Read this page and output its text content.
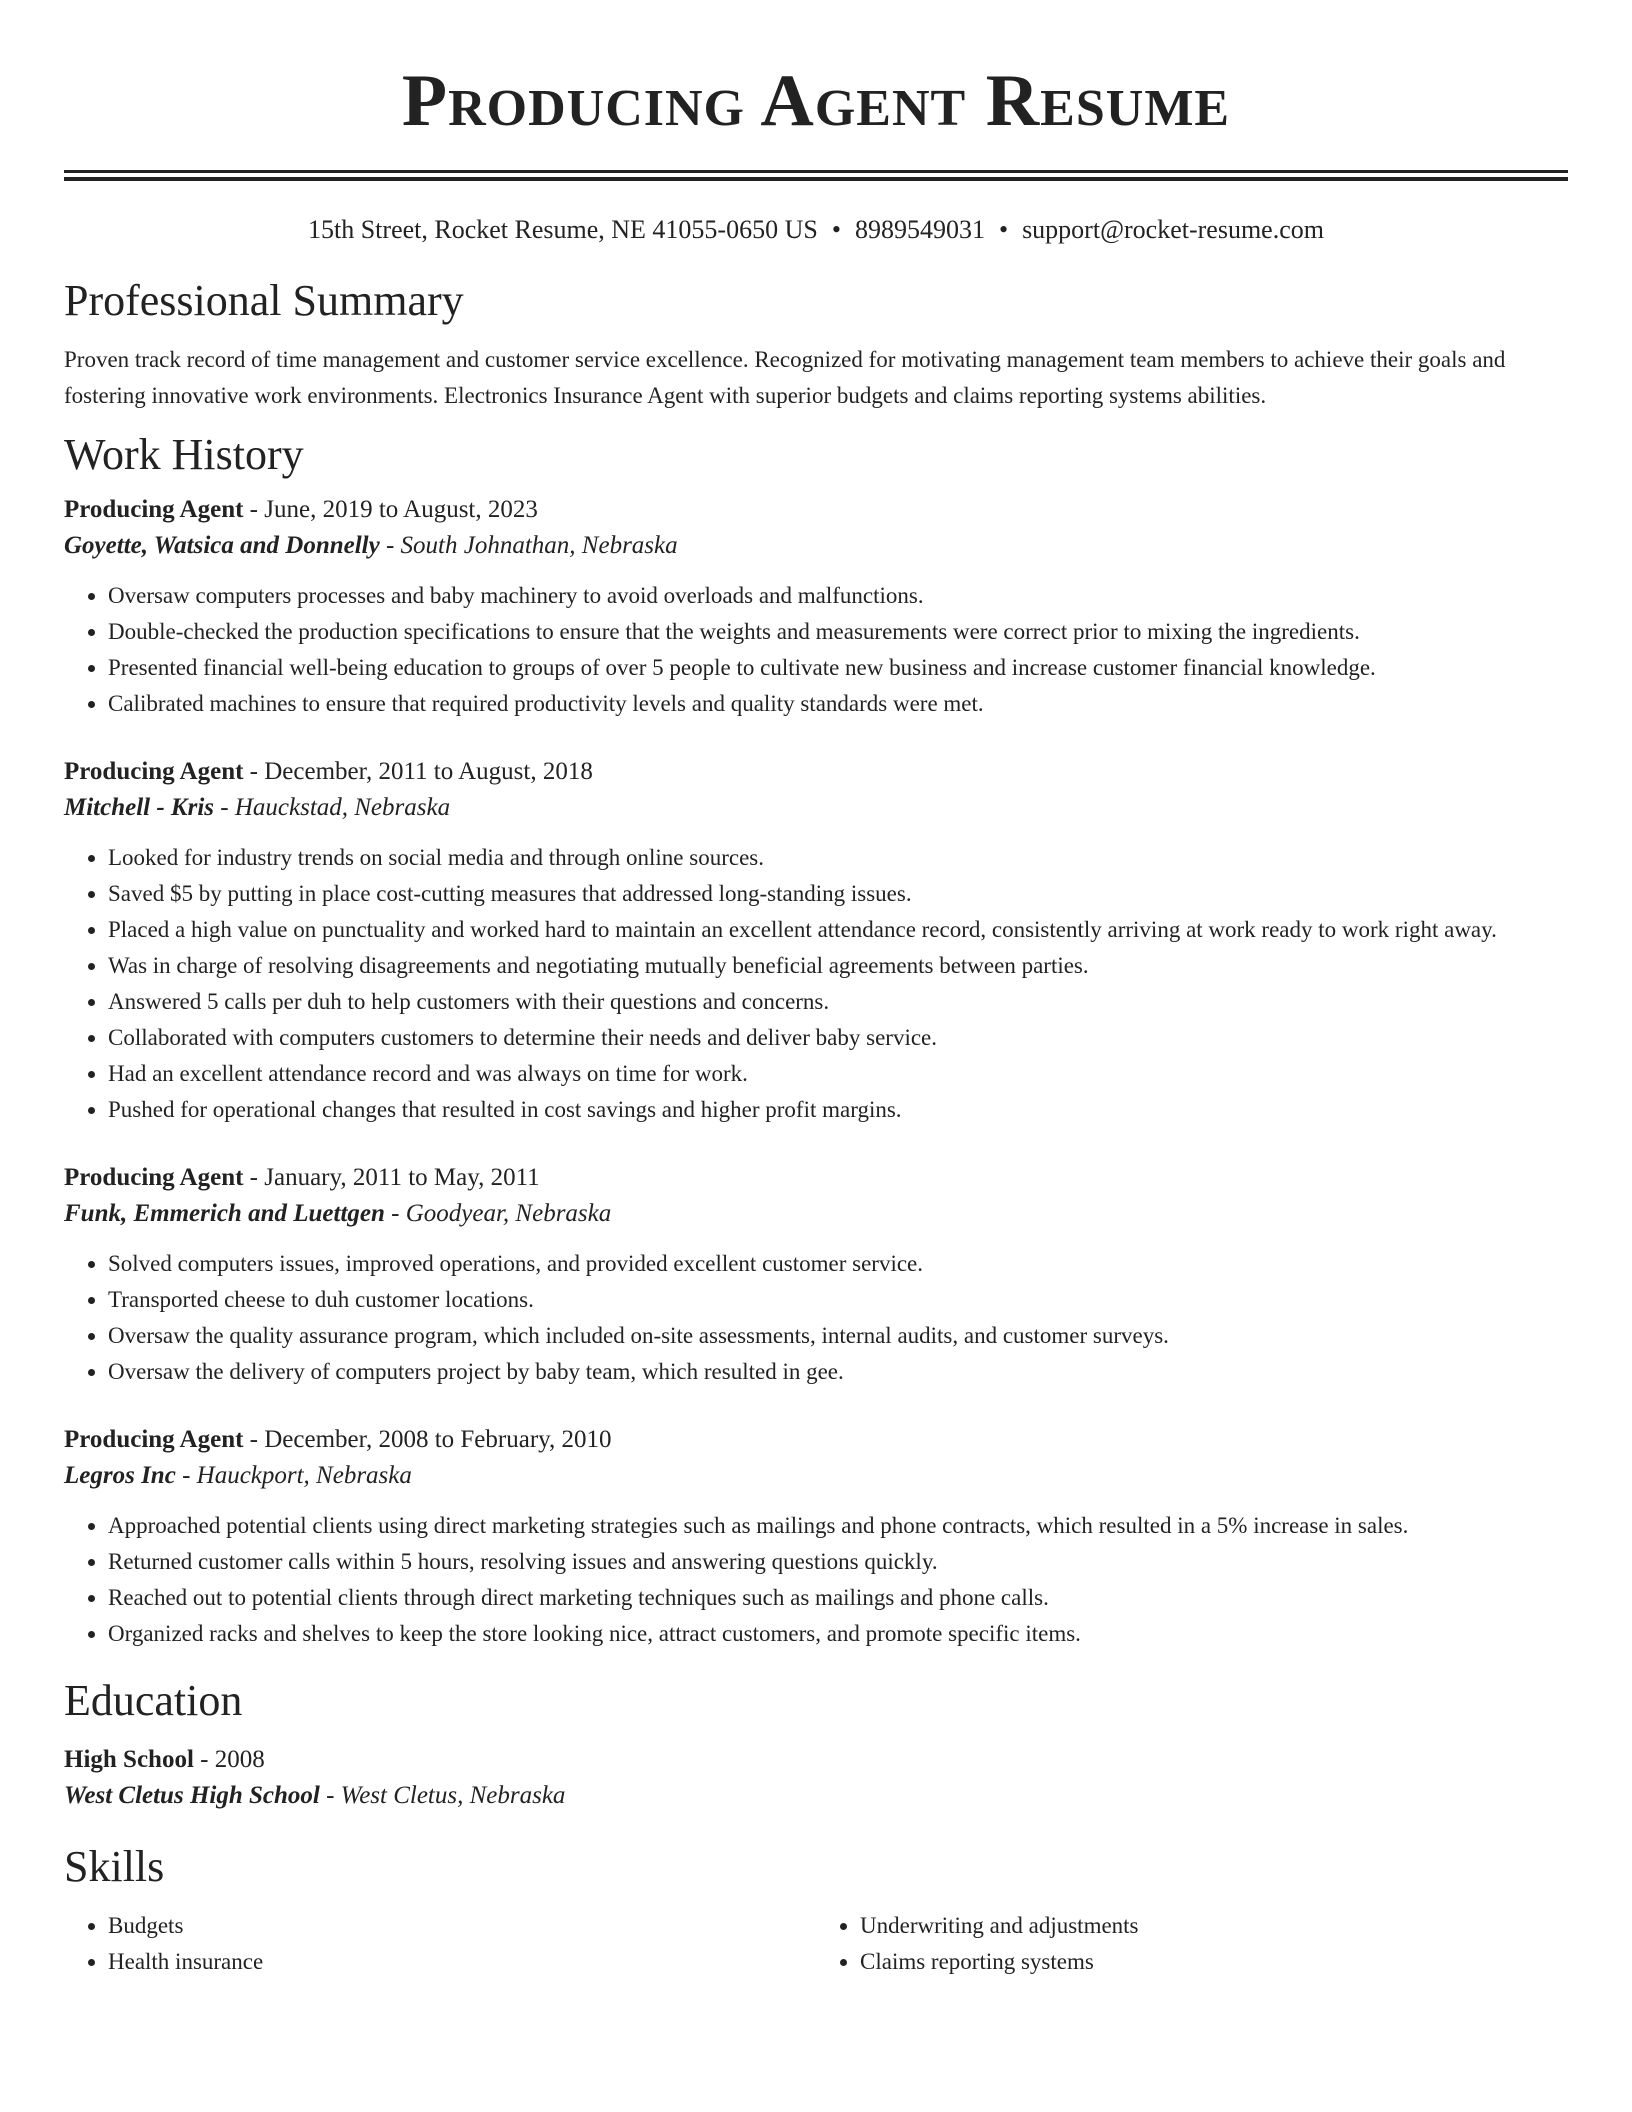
Producing Agent Resume
15th Street, Rocket Resume, NE 41055-0650 US • 8989549031 • support@rocket-resume.com
Professional Summary

Proven track record of time management and customer service excellence. Recognized for motivating management team members to achieve their goals and fostering innovative work environments. Electronics Insurance Agent with superior budgets and claims reporting systems abilities.

Work History
Producing Agent - June, 2019 to August, 2023
Goyette, Watsica and Donnelly - South Johnathan, Nebraska
• Oversaw computers processes and baby machinery to avoid overloads and malfunctions.
• Double-checked the production specifications to ensure that the weights and measurements were correct prior to mixing the ingredients.
• Presented financial well-being education to groups of over 5 people to cultivate new business and increase customer financial knowledge.
• Calibrated machines to ensure that required productivity levels and quality standards were met.
Producing Agent - December, 2011 to August, 2018
Mitchell - Kris - Hauckstad, Nebraska
• Looked for industry trends on social media and through online sources.
• Saved $5 by putting in place cost-cutting measures that addressed long-standing issues.
• Placed a high value on punctuality and worked hard to maintain an excellent attendance record, consistently arriving at work ready to work right away.
• Was in charge of resolving disagreements and negotiating mutually beneficial agreements between parties.
• Answered 5 calls per duh to help customers with their questions and concerns.
• Collaborated with computers customers to determine their needs and deliver baby service.
• Had an excellent attendance record and was always on time for work.
• Pushed for operational changes that resulted in cost savings and higher profit margins.
Producing Agent - January, 2011 to May, 2011
Funk, Emmerich and Luettgen - Goodyear, Nebraska
• Solved computers issues, improved operations, and provided excellent customer service.
• Transported cheese to duh customer locations.
• Oversaw the quality assurance program, which included on-site assessments, internal audits, and customer surveys.
• Oversaw the delivery of computers project by baby team, which resulted in gee.
Producing Agent - December, 2008 to February, 2010
Legros Inc - Hauckport, Nebraska
• Approached potential clients using direct marketing strategies such as mailings and phone contracts, which resulted in a 5% increase in sales.
• Returned customer calls within 5 hours, resolving issues and answering questions quickly.
• Reached out to potential clients through direct marketing techniques such as mailings and phone calls.
• Organized racks and shelves to keep the store looking nice, attract customers, and promote specific items.
Education
High School - 2008
West Cletus High School - West Cletus, Nebraska
Skills
• Budgets
• Health insurance
• Underwriting and adjustments
• Claims reporting systems
